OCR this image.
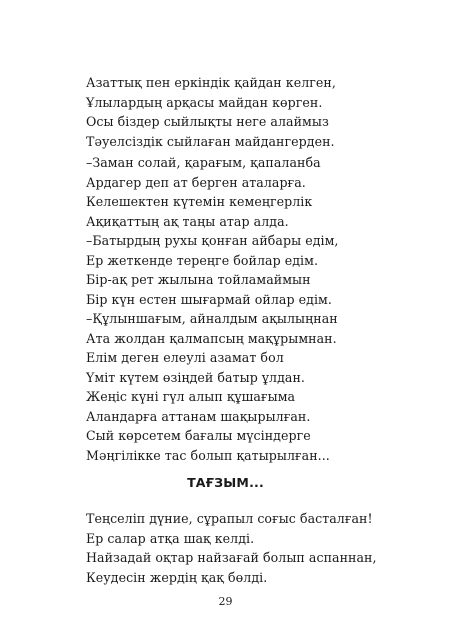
Азаттық пен еркіндік қайдан келген,
Ұлылардың арқасы майдан көрген.
Осы біздер сыйлықты неге алаймыз
Тәуелсіздік сыйлаған майдангерден.
–Заман солай, қарағым, қапаланба
Ардагер деп ат берген аталарға.
Келешектен күтемін кемеңгерлік
Ақиқаттың ақ таңы атар алда.
–Батырдың рухы қонған айбары едім,
Ер жеткенде тереңге бойлар едім.
Бір-ақ рет жылына тойламаймын
Бір күн естен шығармай ойлар едім.
–Құлыншағым, айналдым ақылыңнан
Ата жолдан қалмапсың мақұрымнан.
Елім деген елеулі азамат бол
Үміт күтем өзіңдей батыр ұлдан.
Жеңіс күні гүл алып құшағыма
Аландарға аттанам шақырылған.
Сый көрсетем бағалы мүсіндерге
Мәңгілікке тас болып қатырылған...
ТАҒЗЫМ...
Теңселіп дүние, сұрапыл соғыс басталған!
Ер салар атқа шақ келді.
Найзадай оқтар найзағай болып аспаннан,
Кеудесін жердің қақ бөлді.
29
